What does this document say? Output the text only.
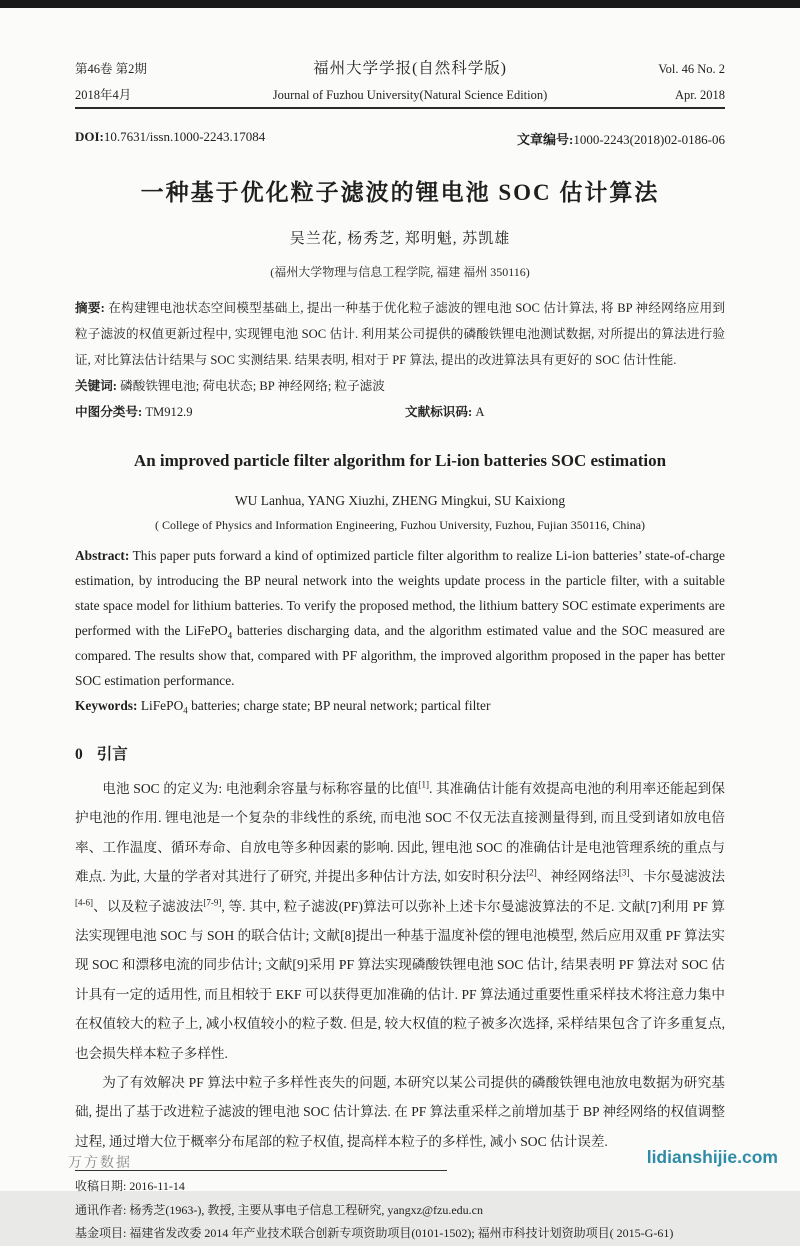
第46卷 第2期	福州大学学报(自然科学版)	Vol. 46 No. 2
2018年4月	Journal of Fuzhou University(Natural Science Edition)	Apr. 2018
DOI:10.7631/issn.1000-2243.17084	文章编号:1000-2243(2018)02-0186-06
一种基于优化粒子滤波的锂电池 SOC 估计算法
吴兰花, 杨秀芝, 郑明魁, 苏凯雄
(福州大学物理与信息工程学院, 福建 福州 350116)

摘要: 在构建锂电池状态空间模型基础上, 提出一种基于优化粒子滤波的锂电池 SOC 估计算法, 将 BP 神经网络应用到粒子滤波的权值更新过程中, 实现锂电池 SOC 估计. 利用某公司提供的磷酸铁锂电池测试数据, 对所提出的算法进行验证, 对比算法估计结果与 SOC 实测结果. 结果表明, 相对于 PF 算法, 提出的改进算法具有更好的 SOC 估计性能.

关键词: 磷酸铁锂电池; 荷电状态; BP 神经网络; 粒子滤波

中图分类号: TM912.9	文献标识码: A
An improved particle filter algorithm for Li-ion batteries SOC estimation
WU Lanhua, YANG Xiuzhi, ZHENG Mingkui, SU Kaixiong
( College of Physics and Information Engineering, Fuzhou University, Fuzhou, Fujian 350116, China)

Abstract: This paper puts forward a kind of optimized particle filter algorithm to realize Li-ion batteries’ state-of-charge estimation, by introducing the BP neural network into the weights update process in the particle filter, with a suitable state space model for lithium batteries. To verify the proposed method, the lithium battery SOC estimate experiments are performed with the LiFePO$_4$ batteries discharging data, and the algorithm estimated value and the SOC measured are compared. The results show that, compared with PF algorithm, the improved algorithm proposed in the paper has better SOC estimation performance.

Keywords: LiFePO$_4$ batteries; charge state; BP neural network; partical filter

0 引言

电池 SOC 的定义为: 电池剩余容量与标称容量的比值[1]. 其准确估计能有效提高电池的利用率还能起到保护电池的作用. 锂电池是一个复杂的非线性的系统, 而电池 SOC 不仅无法直接测量得到, 而且受到诸如放电倍率、工作温度、循环寿命、自放电等多种因素的影响. 因此, 锂电池 SOC 的准确估计是电池管理系统的重点与难点. 为此, 大量的学者对其进行了研究, 并提出多种估计方法, 如安时积分法[2]、神经网络法[3]、卡尔曼滤波法[4-6]、以及粒子滤波法[7-9], 等. 其中, 粒子滤波(PF)算法可以弥补上述卡尔曼滤波算法的不足. 文献[7]利用 PF 算法实现锂电池 SOC 与 SOH 的联合估计; 文献[8]提出一种基于温度补偿的锂电池模型, 然后应用双重 PF 算法实现 SOC 和漂移电流的同步估计; 文献[9]采用 PF 算法实现磷酸铁锂电池 SOC 估计, 结果表明 PF 算法对 SOC 估计具有一定的适用性, 而且相较于 EKF 可以获得更加准确的估计. PF 算法通过重要性重采样技术将注意力集中在权值较大的粒子上, 减小权值较小的粒子数. 但是, 较大权值的粒子被多次选择, 采样结果包含了许多重复点, 也会损失样本粒子多样性.

为了有效解决 PF 算法中粒子多样性丧失的问题, 本研究以某公司提供的磷酸铁锂电池放电数据为研究基础, 提出了基于改进粒子滤波的锂电池 SOC 估计算法. 在 PF 算法重采样之前增加基于 BP 神经网络的权值调整过程, 通过增大位于概率分布尾部的粒子权值, 提高样本粒子的多样性, 减小 SOC 估计误差.

收稿日期: 2016-11-14

通讯作者: 杨秀芝(1963-), 教授, 主要从事电子信息工程研究, yangxz@fzu.edu.cn

基金项目: 福建省发改委 2014 年产业技术联合创新专项资助项目(0101-1502); 福州市科技计划资助项目( 2015-G-61)

万方数据	lidianshijie.com
